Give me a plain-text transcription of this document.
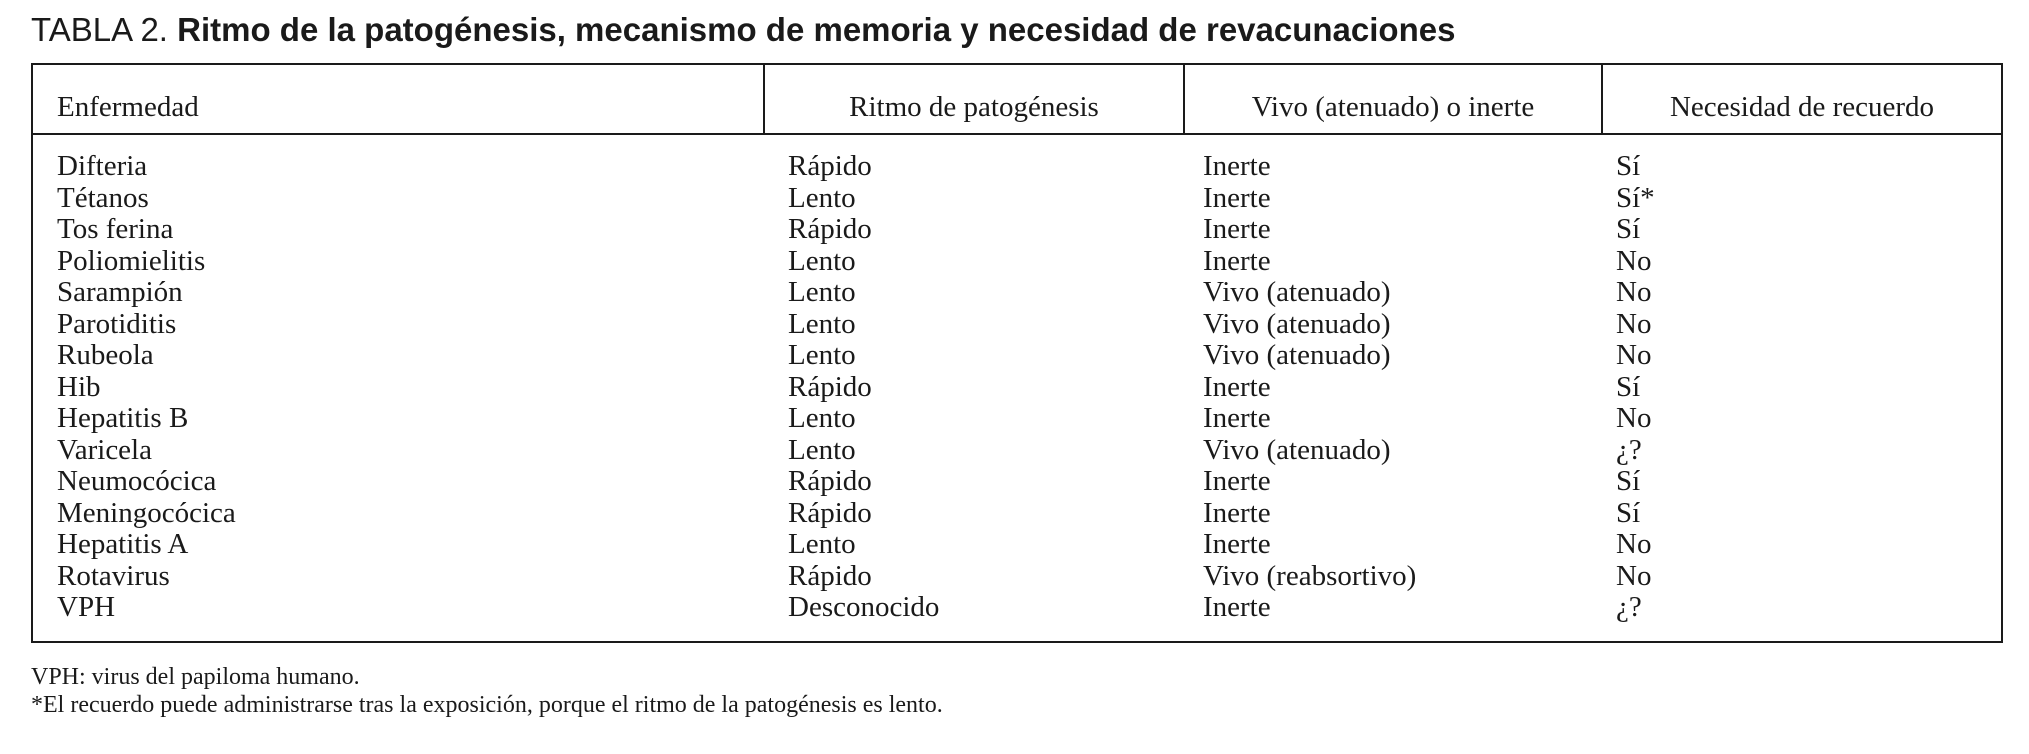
TABLA 2. Ritmo de la patogénesis, mecanismo de memoria y necesidad de revacunaciones
Enfermedad	Ritmo de patogénesis	Vivo (atenuado) o inerte	Necesidad de recuerdo
Difteria	Rápido	Inerte	Sí
Tétanos	Lento	Inerte	Sí*
Tos ferina	Rápido	Inerte	Sí
Poliomielitis	Lento	Inerte	No
Sarampión	Lento	Vivo (atenuado)	No
Parotiditis	Lento	Vivo (atenuado)	No
Rubeola	Lento	Vivo (atenuado)	No
Hib	Rápido	Inerte	Sí
Hepatitis B	Lento	Inerte	No
Varicela	Lento	Vivo (atenuado)	¿?
Neumocócica	Rápido	Inerte	Sí
Meningocócica	Rápido	Inerte	Sí
Hepatitis A	Lento	Inerte	No
Rotavirus	Rápido	Vivo (reabsortivo)	No
VPH	Desconocido	Inerte	¿?
VPH: virus del papiloma humano.
*El recuerdo puede administrarse tras la exposición, porque el ritmo de la patogénesis es lento.
